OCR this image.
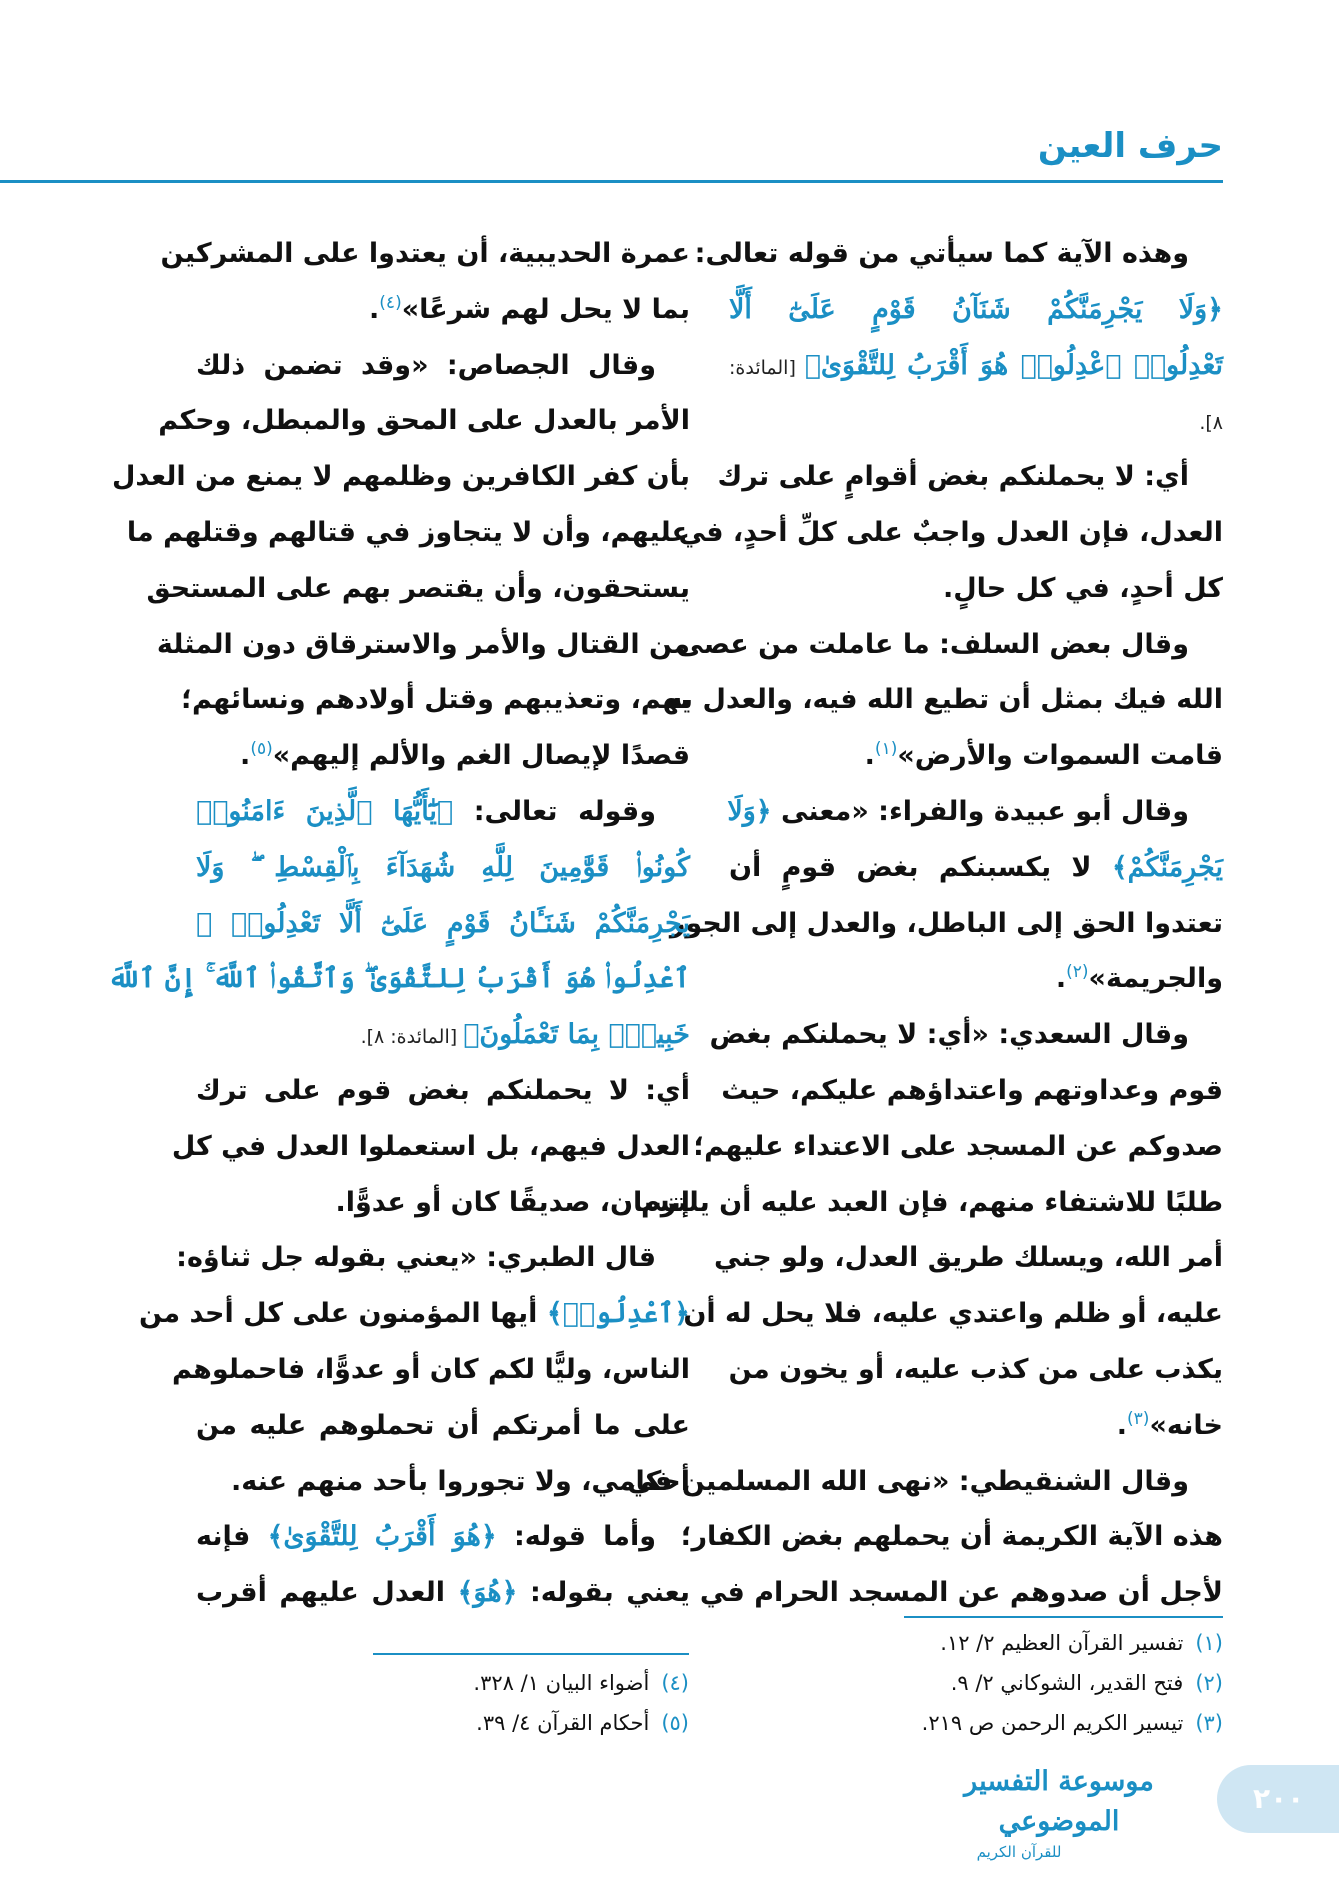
حرف العين
وهذه الآية كما سيأتي من قوله تعالى:
﴿وَلَا يَجْرِمَنَّكُمْ شَنَآنُ قَوْمٍ عَلَىٰٓ أَلَّا
تَعْدِلُوا۟ ٱعْدِلُوا۟ هُوَ أَقْرَبُ لِلتَّقْوَىٰ﴾ [المائدة:
٨].
أي: لا يحملنكم بغض أقوامٍ على ترك
العدل، فإن العدل واجبٌ على كلِّ أحدٍ، في
كل أحدٍ، في كل حالٍ.
وقال بعض السلف: ما عاملت من عصى
الله فيك بمثل أن تطيع الله فيه، والعدل به
قامت السموات والأرض»$^{(١)}$.
وقال أبو عبيدة والفراء: «معنى ﴿وَلَا
يَجْرِمَنَّكُمْ﴾ لا يكسبنكم بغض قومٍ أن
تعتدوا الحق إلى الباطل، والعدل إلى الجور
والجريمة»$^{(٢)}$.
وقال السعدي: «أي: لا يحملنكم بغض
قوم وعداوتهم واعتداؤهم عليكم، حيث
صدوكم عن المسجد على الاعتداء عليهم؛
طلبًا للاشتفاء منهم، فإن العبد عليه أن يلتزم
أمر الله، ويسلك طريق العدل، ولو جني
عليه، أو ظلم واعتدي عليه، فلا يحل له أن
يكذب على من كذب عليه، أو يخون من
خانه»$^{(٣)}$.
وقال الشنقيطي: «نهى الله المسلمين في
هذه الآية الكريمة أن يحملهم بغض الكفار؛
لأجل أن صدوهم عن المسجد الحرام في
عمرة الحديبية، أن يعتدوا على المشركين
بما لا يحل لهم شرعًا»$^{(٤)}$.
وقال الجصاص: «وقد تضمن ذلك
الأمر بالعدل على المحق والمبطل، وحكم
بأن كفر الكافرين وظلمهم لا يمنع من العدل
عليهم، وأن لا يتجاوز في قتالهم وقتلهم ما
يستحقون، وأن يقتصر بهم على المستحق
من القتال والأمر والاسترقاق دون المثلة
بهم، وتعذيبهم وقتل أولادهم ونسائهم؛
قصدًا لإيصال الغم والألم إليهم»$^{(٥)}$.
وقوله تعالى: ﴿يَٰٓأَيُّهَا ٱلَّذِينَ ءَامَنُوا۟
كُونُوا۟ قَوَّٰمِينَ لِلَّهِ شُهَدَآءَ بِٱلْقِسْطِ ۖ وَلَا
يَجْرِمَنَّكُمْ شَنَـَٔانُ قَوْمٍ عَلَىٰٓ أَلَّا تَعْدِلُوا۟ ۚ
ٱعْدِلُوا۟ هُوَ أَقْرَبُ لِلتَّقْوَىٰ ۖ وَٱتَّقُوا۟ ٱللَّهَ ۚ إِنَّ ٱللَّهَ
خَبِيرٌۢ بِمَا تَعْمَلُونَ﴾ [المائدة: ٨].
أي: لا يحملنكم بغض قوم على ترك
العدل فيهم، بل استعملوا العدل في كل
إنسان، صديقًا كان أو عدوًّا.
قال الطبري: «يعني بقوله جل ثناؤه:
﴿ٱعْدِلُوا۟﴾ أيها المؤمنون على كل أحد من
الناس، وليًّا لكم كان أو عدوًّا، فاحملوهم
على ما أمرتكم أن تحملوهم عليه من
أحكامي، ولا تجوروا بأحد منهم عنه.
وأما قوله: ﴿هُوَ أَقْرَبُ لِلتَّقْوَىٰ﴾ فإنه
يعني بقوله: ﴿هُوَ﴾ العدل عليهم أقرب
(١)تفسير القرآن العظيم ٢/ ١٢.
(٢)فتح القدير، الشوكاني ٢/ ٩.
(٣)تيسير الكريم الرحمن ص ٢١٩.
(٤)أضواء البيان ١/ ٣٢٨.
(٥)أحكام القرآن ٤/ ٣٩.
موسوعة التفسير الموضوعي
للقرآن الكريم
٢٠٠
